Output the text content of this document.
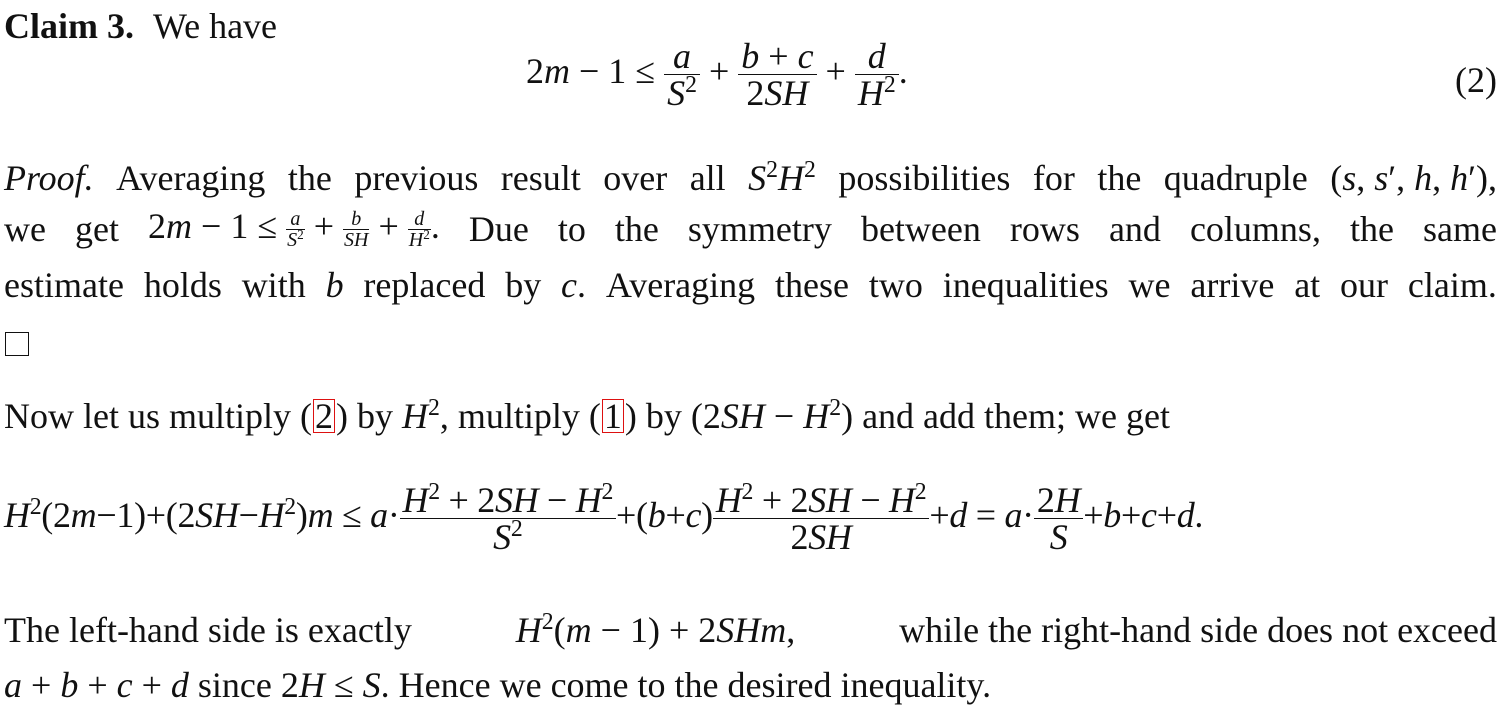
Claim 3. We have
$2m - 1 \le \frac{a}{S^2} + \frac{b + c}{2SH} + \frac{d}{H^2}$ .	(2)
Proof. Averaging the previous result over all $S^2H^2$ possibilities for the quadruple (s, s′, h, h′),
we get $2m - 1 \le \frac{a}{S^2} + \frac{b}{SH} + \frac{d}{H^2}$ . Due to the symmetry between rows and columns, the same
estimate holds with b replaced by c. Averaging these two inequalities we arrive at our claim.
Now let us multiply (2) by $H^2$, multiply (1) by $(2SH - H^2)$ and add them; we get
$H^2(2m-1)+(2SH-H^2)m \le a\cdot \frac{H^2 + 2SH - H^2}{S^2} +(b+c) \frac{H^2 + 2SH - H^2}{2SH} +d = a\cdot \frac{2H}{S} +b+c+d$.
The left-hand side is exactly	$H^2(m - 1) + 2SHm$,	while the right-hand side does not exceed
a + b + c + d since 2H ≤ S. Hence we come to the desired inequality.
